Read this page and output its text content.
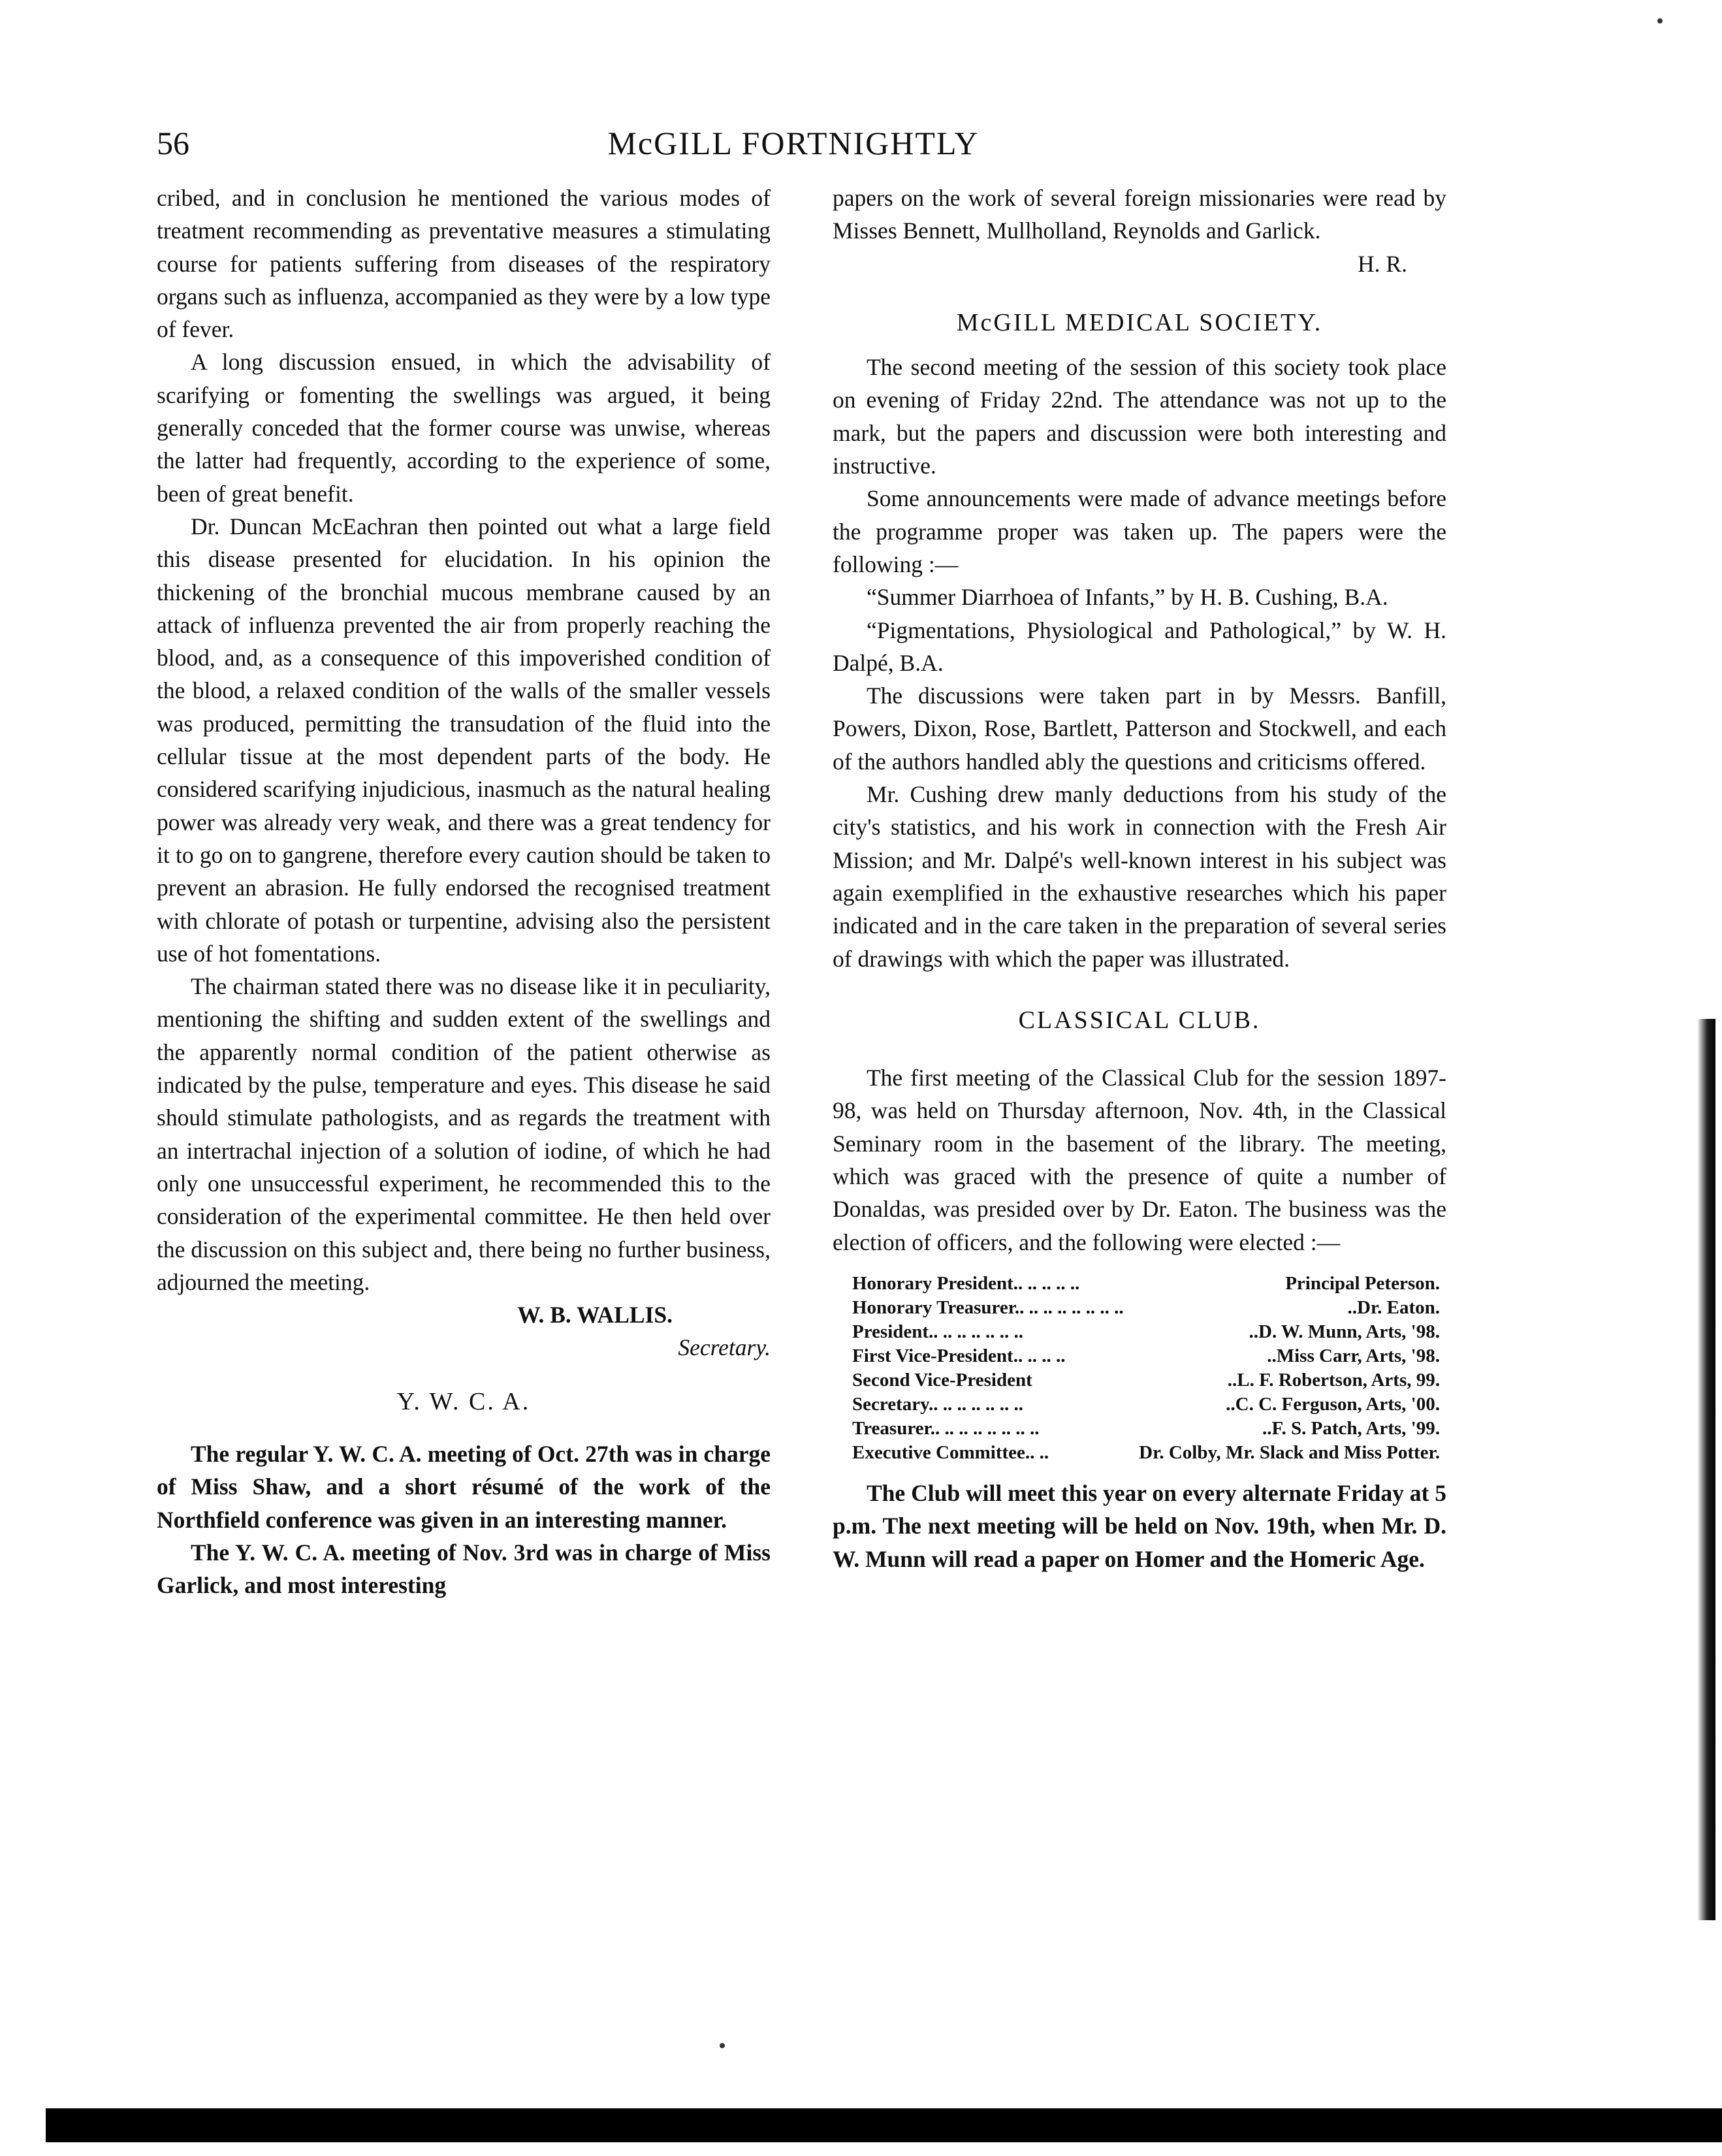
56	McGILL FORTNIGHTLY

cribed, and in conclusion he mentioned the various modes of treatment recommending as preventative measures a stimulating course for patients suffering from diseases of the respiratory organs such as influenza, accompanied as they were by a low type of fever.

A long discussion ensued, in which the advisability of scarifying or fomenting the swellings was argued, it being generally conceded that the former course was unwise, whereas the latter had frequently, according to the experience of some, been of great benefit.

Dr. Duncan McEachran then pointed out what a large field this disease presented for elucidation. In his opinion the thickening of the bronchial mucous membrane caused by an attack of influenza prevented the air from properly reaching the blood, and, as a consequence of this impoverished condition of the blood, a relaxed condition of the walls of the smaller vessels was produced, permitting the transudation of the fluid into the cellular tissue at the most dependent parts of the body. He considered scarifying injudicious, inasmuch as the natural healing power was already very weak, and there was a great tendency for it to go on to gangrene, therefore every caution should be taken to prevent an abrasion. He fully endorsed the recognised treatment with chlorate of potash or turpentine, advising also the persistent use of hot fomentations.

The chairman stated there was no disease like it in peculiarity, mentioning the shifting and sudden extent of the swellings and the apparently normal condition of the patient otherwise as indicated by the pulse, temperature and eyes. This disease he said should stimulate pathologists, and as regards the treatment with an intertrachal injection of a solution of iodine, of which he had only one unsuccessful experiment, he recommended this to the consideration of the experimental committee. He then held over the discussion on this subject and, there being no further business, adjourned the meeting.

W. B. WALLIS.
Secretary.
Y. W. C. A.

The regular Y. W. C. A. meeting of Oct. 27th was in charge of Miss Shaw, and a short résumé of the work of the Northfield conference was given in an interesting manner.

The Y. W. C. A. meeting of Nov. 3rd was in charge of Miss Garlick, and most interesting

papers on the work of several foreign missionaries were read by Misses Bennett, Mullholland, Reynolds and Garlick.

H. R.
McGILL MEDICAL SOCIETY.

The second meeting of the session of this society took place on evening of Friday 22nd. The attendance was not up to the mark, but the papers and discussion were both interesting and instructive.

Some announcements were made of advance meetings before the programme proper was taken up. The papers were the following :—

“Summer Diarrhoea of Infants,” by H. B. Cushing, B.A.

“Pigmentations, Physiological and Pathological,” by W. H. Dalpé, B.A.

The discussions were taken part in by Messrs. Banfill, Powers, Dixon, Rose, Bartlett, Patterson and Stockwell, and each of the authors handled ably the questions and criticisms offered.

Mr. Cushing drew manly deductions from his study of the city's statistics, and his work in connection with the Fresh Air Mission; and Mr. Dalpé's well-known interest in his subject was again exemplified in the exhaustive researches which his paper indicated and in the care taken in the preparation of several series of drawings with which the paper was illustrated.

CLASSICAL CLUB.

The first meeting of the Classical Club for the session 1897-98, was held on Thursday afternoon, Nov. 4th, in the Classical Seminary room in the basement of the library. The meeting, which was graced with the presence of quite a number of Donaldas, was presided over by Dr. Eaton. The business was the election of officers, and the following were elected :—

Honorary President.. .. .. .. ..	Principal Peterson.
Honorary Treasurer.. .. .. .. .. .. .. ..	..Dr. Eaton.
President.. .. .. .. .. .. ..	..D. W. Munn, Arts, '98.
First Vice-President.. .. .. ..	..Miss Carr, Arts, '98.
Second Vice-President	..L. F. Robertson, Arts, 99.
Secretary.. .. .. .. .. .. ..	..C. C. Ferguson, Arts, '00.
Treasurer.. .. .. .. .. .. .. ..	..F. S. Patch, Arts, '99.
Executive Committee.. ..	Dr. Colby, Mr. Slack and Miss Potter.

The Club will meet this year on every alternate Friday at 5 p.m. The next meeting will be held on Nov. 19th, when Mr. D. W. Munn will read a paper on Homer and the Homeric Age.
